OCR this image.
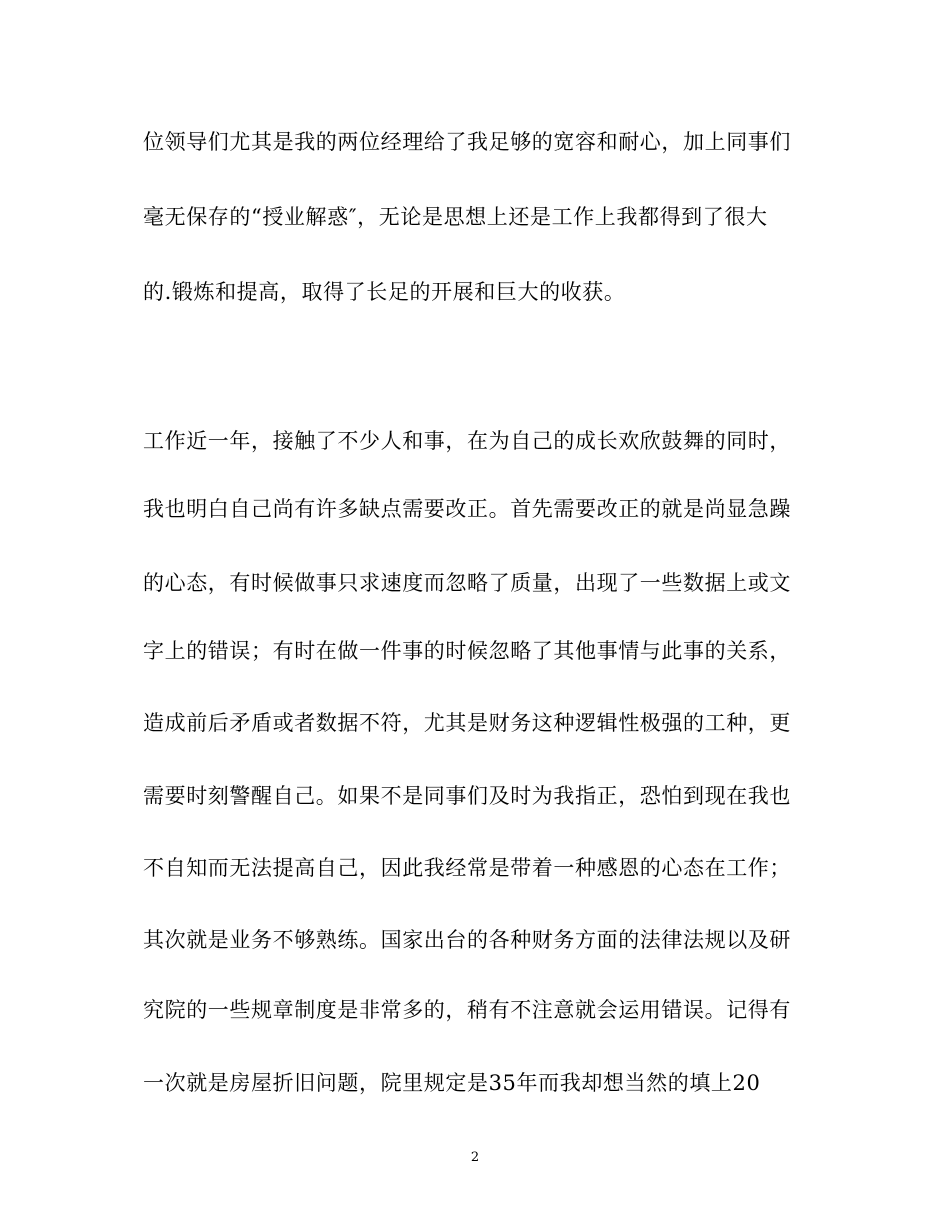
位领导们尤其是我的两位经理给了我足够的宽容和耐心，加上同事们
毫无保存的“授业解惑″，无论是思想上还是工作上我都得到了很大
的.锻炼和提高，取得了长足的开展和巨大的收获。
工作近一年，接触了不少人和事，在为自己的成长欢欣鼓舞的同时，
我也明白自己尚有许多缺点需要改正。首先需要改正的就是尚显急躁
的心态，有时候做事只求速度而忽略了质量，出现了一些数据上或文
字上的错误；有时在做一件事的时候忽略了其他事情与此事的关系，
造成前后矛盾或者数据不符，尤其是财务这种逻辑性极强的工种，更
需要时刻警醒自己。如果不是同事们及时为我指正，恐怕到现在我也
不自知而无法提高自己，因此我经常是带着一种感恩的心态在工作；
其次就是业务不够熟练。国家出台的各种财务方面的法律法规以及研
究院的一些规章制度是非常多的，稍有不注意就会运用错误。记得有
一次就是房屋折旧问题，院里规定是35年而我却想当然的填上20
2
